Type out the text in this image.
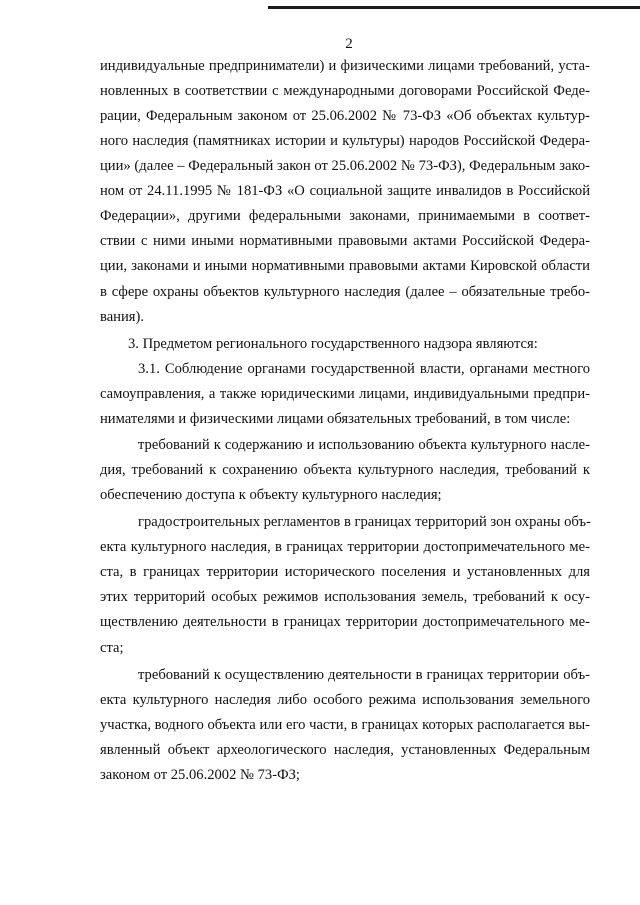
2
индивидуальные предприниматели) и физическими лицами требований, уста-
новленных в соответствии с международными договорами Российской Феде-
рации, Федеральным законом от 25.06.2002 № 73-ФЗ «Об объектах культур-
ного наследия (памятниках истории и культуры) народов Российской Федера-
ции» (далее – Федеральный закон от 25.06.2002 № 73-ФЗ), Федеральным зако-
ном от 24.11.1995 № 181-ФЗ «О социальной защите инвалидов в Российской
Федерации», другими федеральными законами, принимаемыми в соответ-
ствии с ними иными нормативными правовыми актами Российской Федера-
ции, законами и иными нормативными правовыми актами Кировской области
в сфере охраны объектов культурного наследия (далее – обязательные требо-
вания).
3. Предметом регионального государственного надзора являются:
3.1. Соблюдение органами государственной власти, органами местного
самоуправления, а также юридическими лицами, индивидуальными предпри-
нимателями и физическими лицами обязательных требований, в том числе:
требований к содержанию и использованию объекта культурного насле-
дия, требований к сохранению объекта культурного наследия, требований к
обеспечению доступа к объекту культурного наследия;
градостроительных регламентов в границах территорий зон охраны объ-
екта культурного наследия, в границах территории достопримечательного ме-
ста, в границах территории исторического поселения и установленных для
этих территорий особых режимов использования земель, требований к осу-
ществлению деятельности в границах территории достопримечательного ме-
ста;
требований к осуществлению деятельности в границах территории объ-
екта культурного наследия либо особого режима использования земельного
участка, водного объекта или его части, в границах которых располагается вы-
явленный объект археологического наследия, установленных Федеральным
законом от 25.06.2002 № 73-ФЗ;
